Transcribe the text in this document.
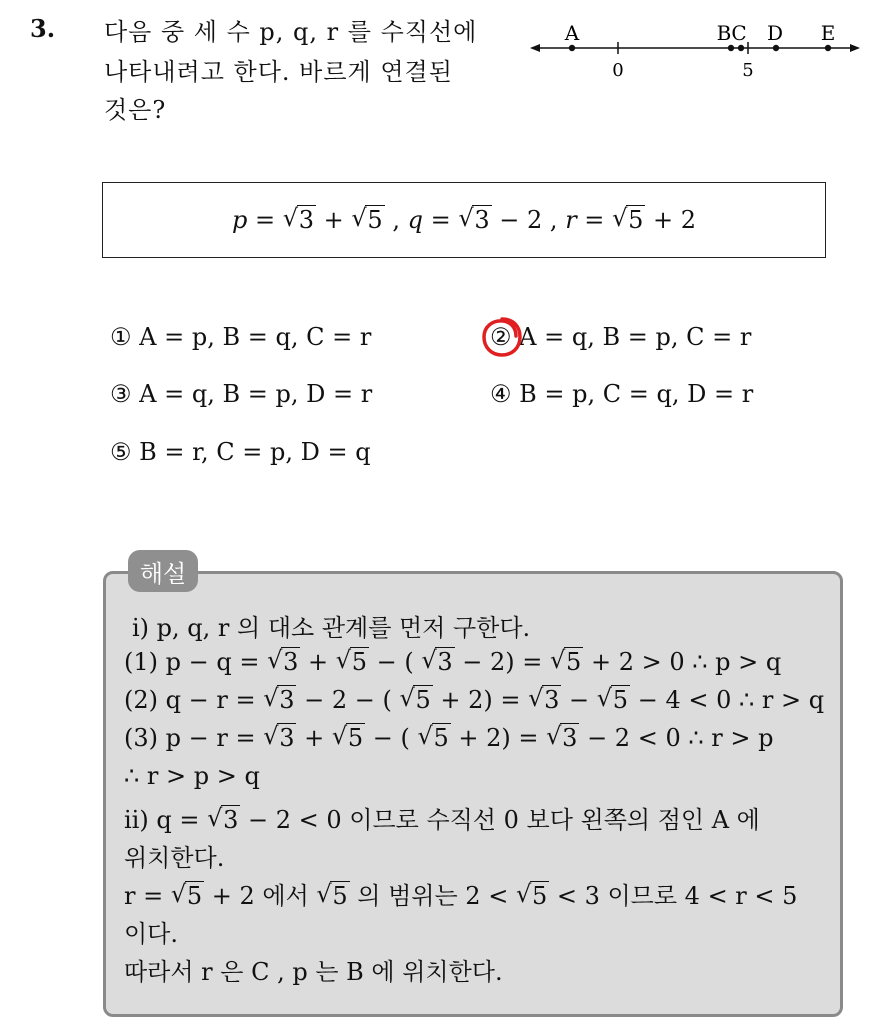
3. 다음 중 세 수 p, q, r 를 수직선에
나타내려고 한다. 바르게 연결된
것은?
A	B C D E
0	5
p = √ 3 + √ 5 , q = √ 3 − 2 , r = √ 5 + 2
① A = p, B = q, C = r	② A = q, B = p, C = r
③ A = q, B = p, D = r	④ B = p, C = q, D = r
⑤ B = r, C = p, D = q
해설
ⅰ) p, q, r 의 대소 관계를 먼저 구한다.
(1) p − q = √ 3 + √ 5 − ( √ 3 − 2) = √ 5 + 2 > 0 ∴ p > q
(2) q − r = √ 3 − 2 − ( √ 5 + 2) = √ 3 − √ 5 − 4 < 0 ∴ r > q
(3) p − r = √ 3 + √ 5 − ( √ 5 + 2) = √ 3 − 2 < 0 ∴ r > p
∴ r > p > q
ⅱ) q = √ 3 − 2 < 0 이므로 수직선 0 보다 왼쪽의 점인 A 에
위치한다.
r = √ 5 + 2 에서 √ 5 의 범위는 2 < √ 5 < 3 이므로 4 < r < 5
이다.
따라서 r 은 C , p 는 B 에 위치한다.
